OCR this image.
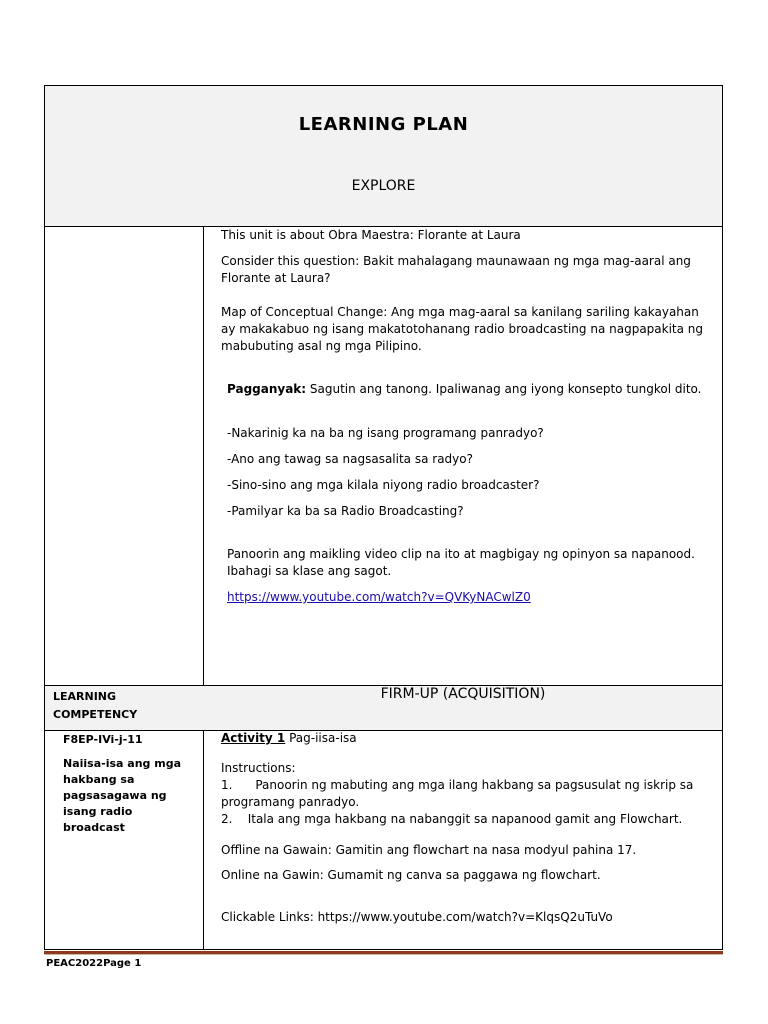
LEARNING PLAN
EXPLORE

This unit is about Obra Maestra: Florante at Laura

Consider this question: Bakit mahalagang maunawaan ng mga mag-aaral ang Florante at Laura?

Map of Conceptual Change: Ang mga mag-aaral sa kanilang sariling kakayahan ay makakabuo ng isang makatotohanang radio broadcasting na nagpapakita ng mabubuting asal ng mga Pilipino.

Pagganyak: Sagutin ang tanong. Ipaliwanag ang iyong konsepto tungkol dito.

-Nakarinig ka na ba ng isang programang panradyo?

-Ano ang tawag sa nagsasalita sa radyo?

-Sino-sino ang mga kilala niyong radio broadcaster?

-Pamilyar ka ba sa Radio Broadcasting?

Panoorin ang maikling video clip na ito at magbigay ng opinyon sa napanood. Ibahagi sa klase ang sagot.

https://www.youtube.com/watch?v=QVKyNACwlZ0

LEARNING COMPETENCY
FIRM-UP (ACQUISITION)
F8EP-IVi-j-11
Naiisa-isa ang mga hakbang sa pagsasagawa ng isang radio broadcast

Activity 1 Pag-iisa-isa

Instructions:

1.      Panoorin ng mabuting ang mga ilang hakbang sa pagsusulat ng iskrip sa programang panradyo.

2.    Itala ang mga hakbang na nabanggit sa napanood gamit ang Flowchart.

Offline na Gawain: Gamitin ang flowchart na nasa modyul pahina 17.

Online na Gawin: Gumamit ng canva sa paggawa ng flowchart.

Clickable Links: https://www.youtube.com/watch?v=KlqsQ2uTuVo

PEAC2022Page 1
